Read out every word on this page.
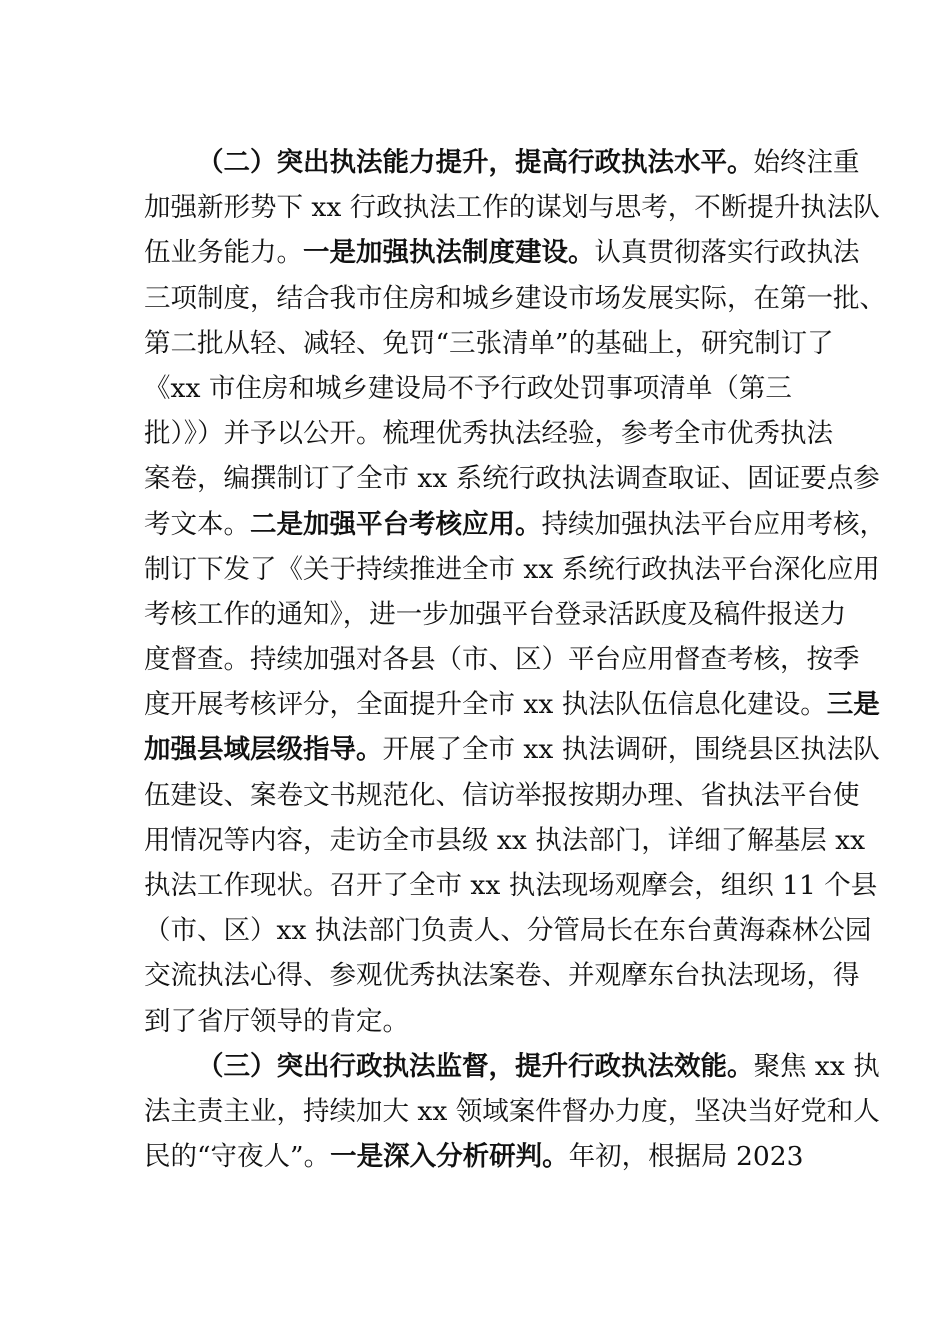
（二）突出执法能力提升，提高行政执法水平。始终注重
加强新形势下 xx 行政执法工作的谋划与思考，不断提升执法队
伍业务能力。一是加强执法制度建设。认真贯彻落实行政执法
三项制度，结合我市住房和城乡建设市场发展实际，在第一批、
第二批从轻、减轻、免罚“三张清单”的基础上，研究制订了
《xx 市住房和城乡建设局不予行政处罚事项清单（第三
批）》）并予以公开。梳理优秀执法经验，参考全市优秀执法
案卷，编撰制订了全市 xx 系统行政执法调查取证、固证要点参
考文本。二是加强平台考核应用。持续加强执法平台应用考核，
制订下发了《关于持续推进全市 xx 系统行政执法平台深化应用
考核工作的通知》，进一步加强平台登录活跃度及稿件报送力
度督查。持续加强对各县（市、区）平台应用督查考核，按季
度开展考核评分，全面提升全市 xx 执法队伍信息化建设。三是
加强县域层级指导。开展了全市 xx 执法调研，围绕县区执法队
伍建设、案卷文书规范化、信访举报按期办理、省执法平台使
用情况等内容，走访全市县级 xx 执法部门，详细了解基层 xx
执法工作现状。召开了全市 xx 执法现场观摩会，组织 11 个县
（市、区）xx 执法部门负责人、分管局长在东台黄海森林公园
交流执法心得、参观优秀执法案卷、并观摩东台执法现场，得
到了省厅领导的肯定。
（三）突出行政执法监督，提升行政执法效能。聚焦 xx 执
法主责主业，持续加大 xx 领域案件督办力度，坚决当好党和人
民的“守夜人”。一是深入分析研判。年初，根据局 2023
